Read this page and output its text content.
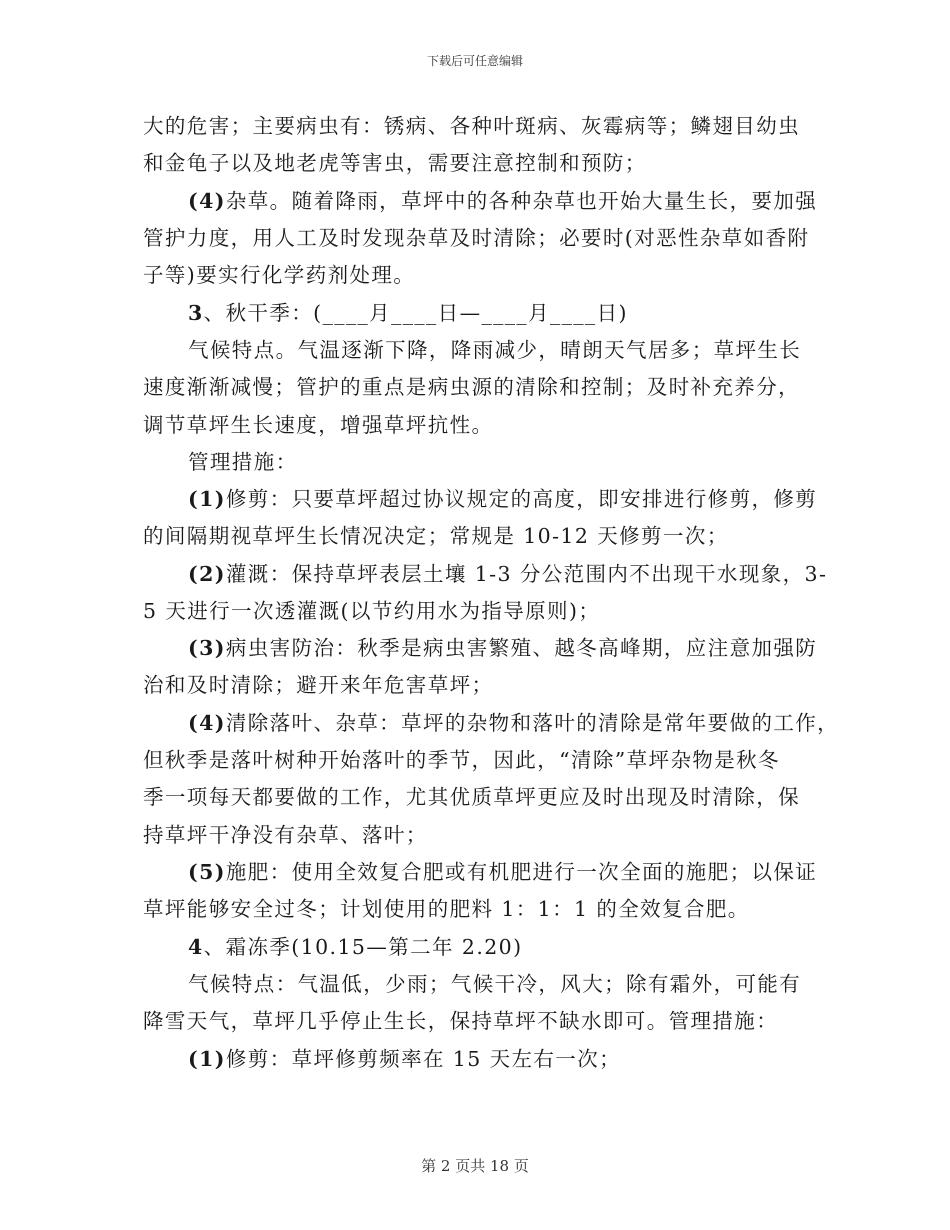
下载后可任意编辑
大的危害；主要病虫有：锈病、各种叶斑病、灰霉病等；鳞翅目幼虫
和金龟子以及地老虎等害虫，需要注意控制和预防；
(4)杂草。随着降雨，草坪中的各种杂草也开始大量生长，要加强
管护力度，用人工及时发现杂草及时清除；必要时(对恶性杂草如香附
子等)要实行化学药剂处理。
3、秋干季：(____月____日—____月____日)
气候特点。气温逐渐下降，降雨减少，晴朗天气居多；草坪生长
速度渐渐减慢；管护的重点是病虫源的清除和控制；及时补充养分，
调节草坪生长速度，增强草坪抗性。
管理措施：
(1)修剪：只要草坪超过协议规定的高度，即安排进行修剪，修剪
的间隔期视草坪生长情况决定；常规是 10-12 天修剪一次；
(2)灌溉：保持草坪表层土壤 1-3 分公范围内不出现干水现象，3-
5 天进行一次透灌溉(以节约用水为指导原则)；
(3)病虫害防治：秋季是病虫害繁殖、越冬高峰期，应注意加强防
治和及时清除；避开来年危害草坪；
(4)清除落叶、杂草：草坪的杂物和落叶的清除是常年要做的工作，
但秋季是落叶树种开始落叶的季节，因此，“清除”草坪杂物是秋冬
季一项每天都要做的工作，尤其优质草坪更应及时出现及时清除，保
持草坪干净没有杂草、落叶；
(5)施肥：使用全效复合肥或有机肥进行一次全面的施肥；以保证
草坪能够安全过冬；计划使用的肥料 1：1：1 的全效复合肥。
4、霜冻季(10.15—第二年 2.20)
气候特点：气温低，少雨；气候干冷，风大；除有霜外，可能有
降雪天气，草坪几乎停止生长，保持草坪不缺水即可。管理措施：
(1)修剪：草坪修剪频率在 15 天左右一次；
第 2 页共 18 页
